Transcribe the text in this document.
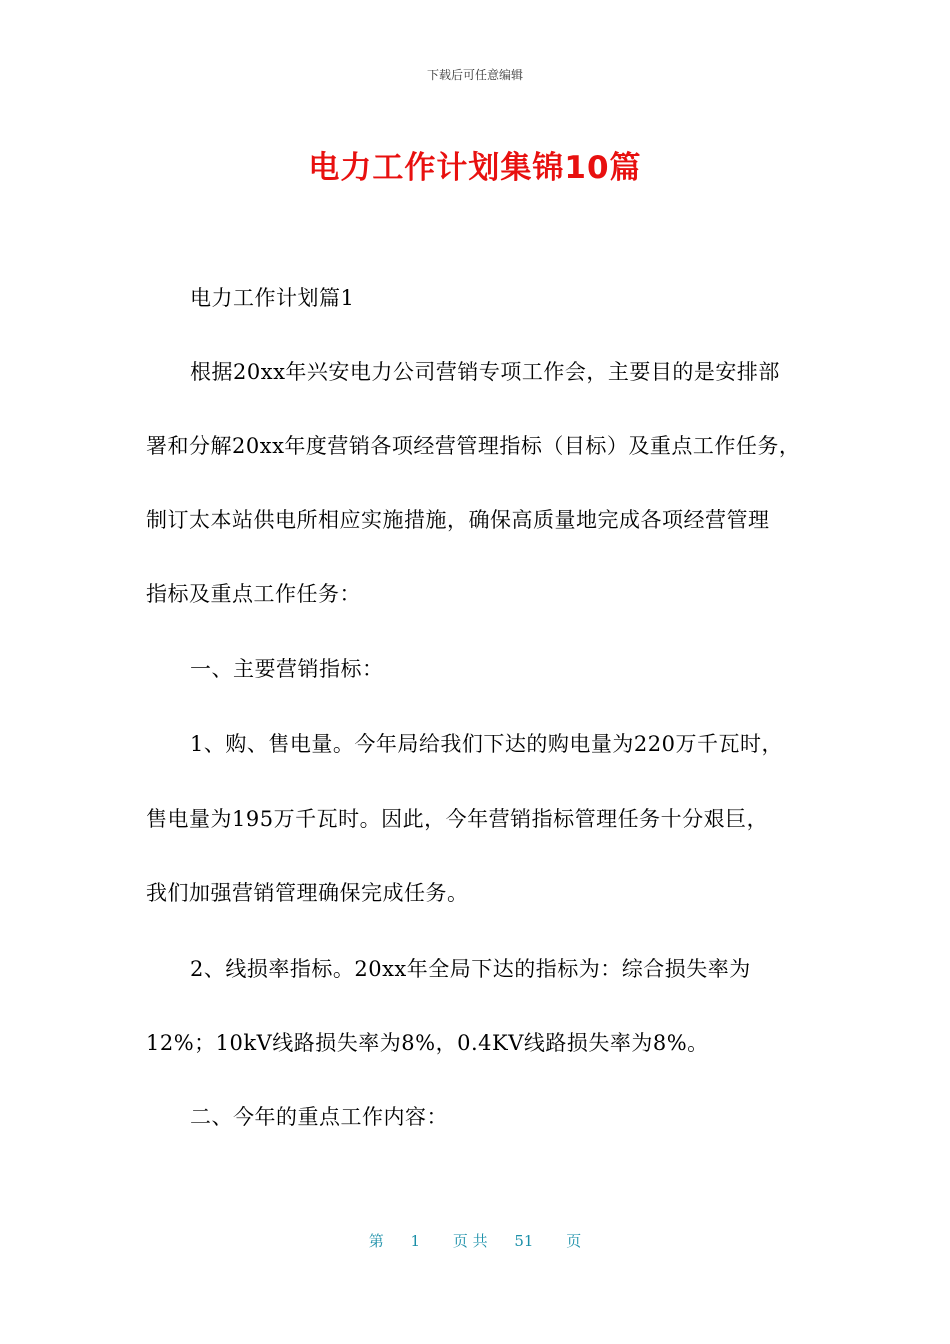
下载后可任意编辑
电力工作计划集锦10篇
电力工作计划篇1
根据20xx年兴安电力公司营销专项工作会，主要目的是安排部
署和分解20xx年度营销各项经营管理指标（目标）及重点工作任务，
制订太本站供电所相应实施措施，确保高质量地完成各项经营管理
指标及重点工作任务：
一、主要营销指标：
1、购、售电量。今年局给我们下达的购电量为220万千瓦时，
售电量为195万千瓦时。因此，今年营销指标管理任务十分艰巨，
我们加强营销管理确保完成任务。
2、线损率指标。20xx年全局下达的指标为：综合损失率为
12%；10kV线路损失率为8%，0.4KV线路损失率为8%。
二、今年的重点工作内容：
第 1 页 共 51 页
